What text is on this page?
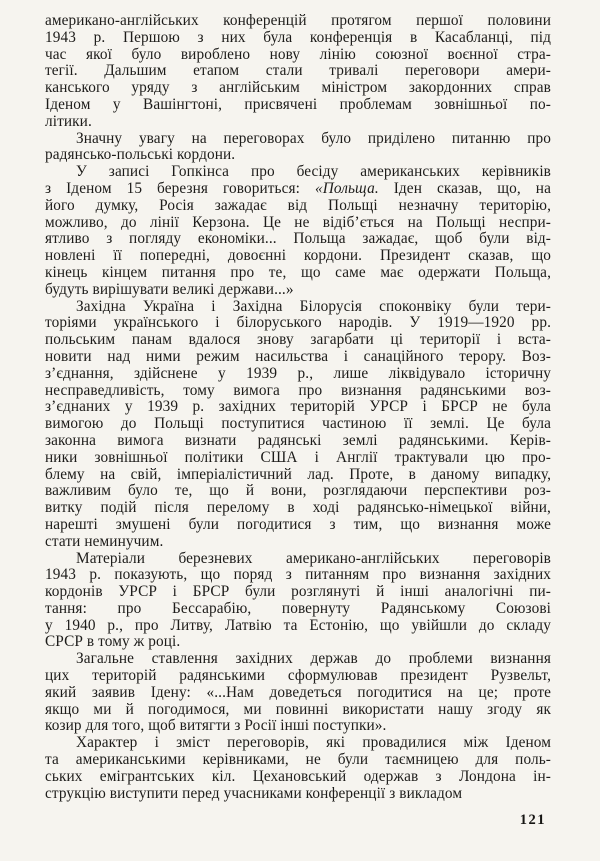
американо-англійських конференцій протягом першої половини
1943 р. Першою з них була конференція в Касабланці, під
час якої було вироблено нову лінію союзної воєнної стра-
тегії. Дальшим етапом стали тривалі переговори амери-
канського уряду з англійським міністром закордонних справ
Іденом у Вашінгтоні, присвячені проблемам зовнішньої по-
літики.
Значну увагу на переговорах було приділено питанню про
радянсько-польські кордони.
У записі Гопкінса про бесіду американських керівників
з Іденом 15 березня говориться: «Польща. Іден сказав, що, на
його думку, Росія зажадає від Польщі незначну територію,
можливо, до лінії Керзона. Це не відіб’ється на Польщі неспри-
ятливо з погляду економіки... Польща зажадає, щоб були від-
новлені її попередні, довоєнні кордони. Президент сказав, що
кінець кінцем питання про те, що́ саме має одержати Польща,
будуть вирішувати великі держави...»
Західна Україна і Західна Білорусія споконвіку були тери-
торіями українського і білоруського народів. У 1919—1920 рр.
польським панам вдалося знову загарбати ці території і вста-
новити над ними режим насильства і санаційного терору. Воз-
з’єднання, здійснене у 1939 р., лише ліквідувало історичну
несправедливість, тому вимога про визнання радянськими воз-
з’єднаних у 1939 р. західних територій УРСР і БРСР не була
вимогою до Польщі поступитися частиною її землі. Це була
законна вимога визнати радянські землі радянськими. Керів-
ники зовнішньої політики США і Англії трактували цю про-
блему на свій, імперіалістичний лад. Проте, в даному випадку,
важливим було те, що й вони, розглядаючи перспективи роз-
витку подій після перелому в ході радянсько-німецької війни,
нарешті змушені були погодитися з тим, що визнання може
стати неминучим.
Матеріали березневих американо-англійських переговорів
1943 р. показують, що поряд з питанням про визнання західних
кордонів УРСР і БРСР були розглянуті й інші аналогічні пи-
тання: про Бессарабію, повернуту Радянському Союзові
у 1940 р., про Литву, Латвію та Естонію, що увійшли до складу
СРСР в тому ж році.
Загальне ставлення західних держав до проблеми визнання
цих територій радянськими сформулював президент Рузвельт,
який заявив Ідену: «...Нам доведеться погодитися на це; проте
якщо ми й погодимося, ми повинні використати нашу згоду як
козир для того, щоб витягти з Росії інші поступки».
Характер і зміст переговорів, які провадилися між Іденом
та американськими керівниками, не були таємницею для поль-
ських емігрантських кіл. Цехановський одержав з Лондона ін-
струкцію виступити перед учасниками конференції з викладом
121
